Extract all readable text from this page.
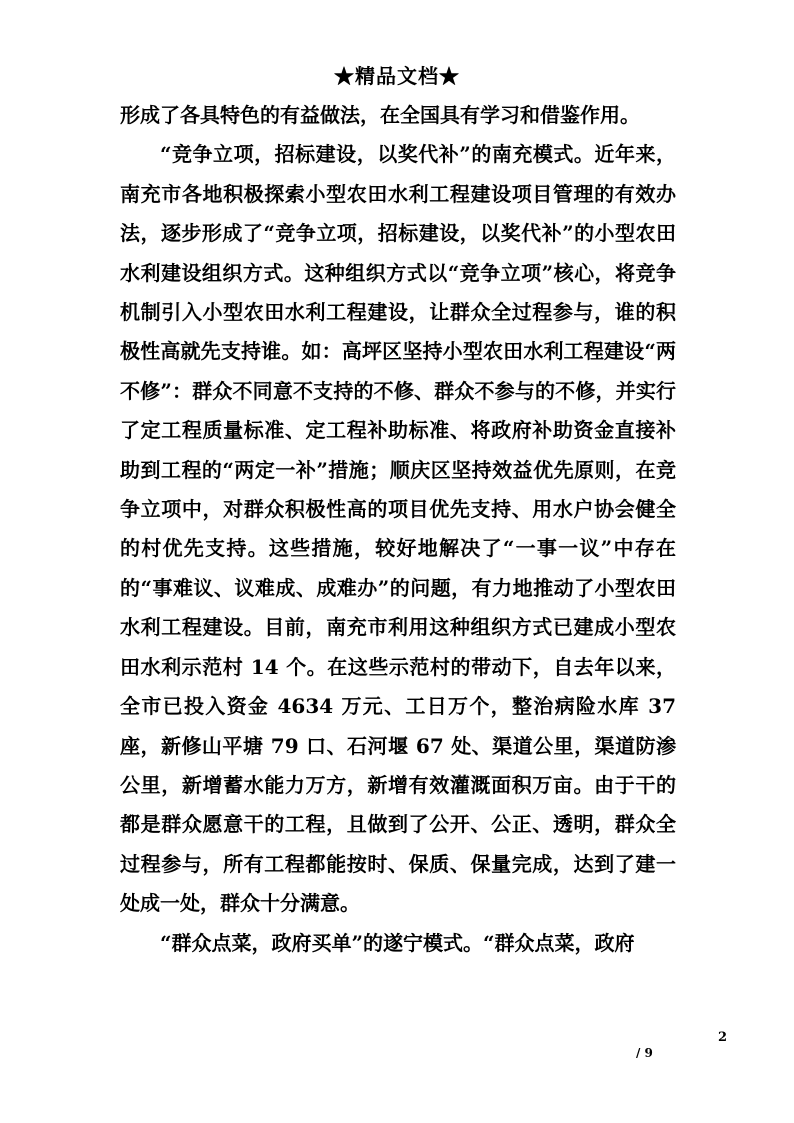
★精品文档★

形成了各具特色的有益做法，在全国具有学习和借鉴作用。

“竞争立项，招标建设，以奖代补”的南充模式。近年来，南充市各地积极探索小型农田水利工程建设项目管理的有效办法，逐步形成了“竞争立项，招标建设，以奖代补”的小型农田水利建设组织方式。这种组织方式以“竞争立项”核心，将竞争机制引入小型农田水利工程建设，让群众全过程参与，谁的积极性高就先支持谁。如：高坪区坚持小型农田水利工程建设“两不修”：群众不同意不支持的不修、群众不参与的不修，并实行了定工程质量标准、定工程补助标准、将政府补助资金直接补助到工程的“两定一补”措施；顺庆区坚持效益优先原则，在竞争立项中，对群众积极性高的项目优先支持、用水户协会健全的村优先支持。这些措施，较好地解决了“一事一议”中存在的“事难议、议难成、成难办”的问题，有力地推动了小型农田水利工程建设。目前，南充市利用这种组织方式已建成小型农田水利示范村 14 个。在这些示范村的带动下，自去年以来，全市已投入资金 4634 万元、工日万个，整治病险水库 37 座，新修山平塘 79 口、石河堰 67 处、渠道公里，渠道防渗公里，新增蓄水能力万方，新增有效灌溉面积万亩。由于干的都是群众愿意干的工程，且做到了公开、公正、透明，群众全过程参与，所有工程都能按时、保质、保量完成，达到了建一处成一处，群众十分满意。

“群众点菜，政府买单”的遂宁模式。“群众点菜，政府

2
/ 9
